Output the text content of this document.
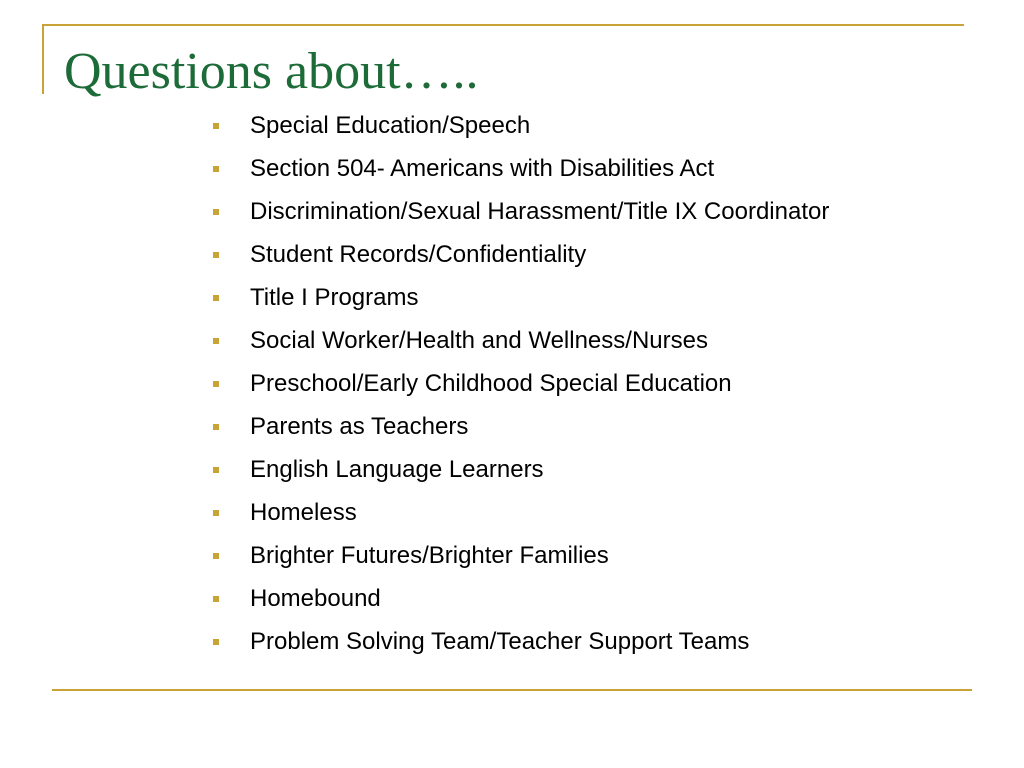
Questions about…..
Special Education/Speech
Section 504- Americans with Disabilities Act
Discrimination/Sexual Harassment/Title IX Coordinator
Student Records/Confidentiality
Title I Programs
Social Worker/Health and Wellness/Nurses
Preschool/Early Childhood Special Education
Parents as Teachers
English Language Learners
Homeless
Brighter Futures/Brighter Families
Homebound
Problem Solving Team/Teacher Support Teams
